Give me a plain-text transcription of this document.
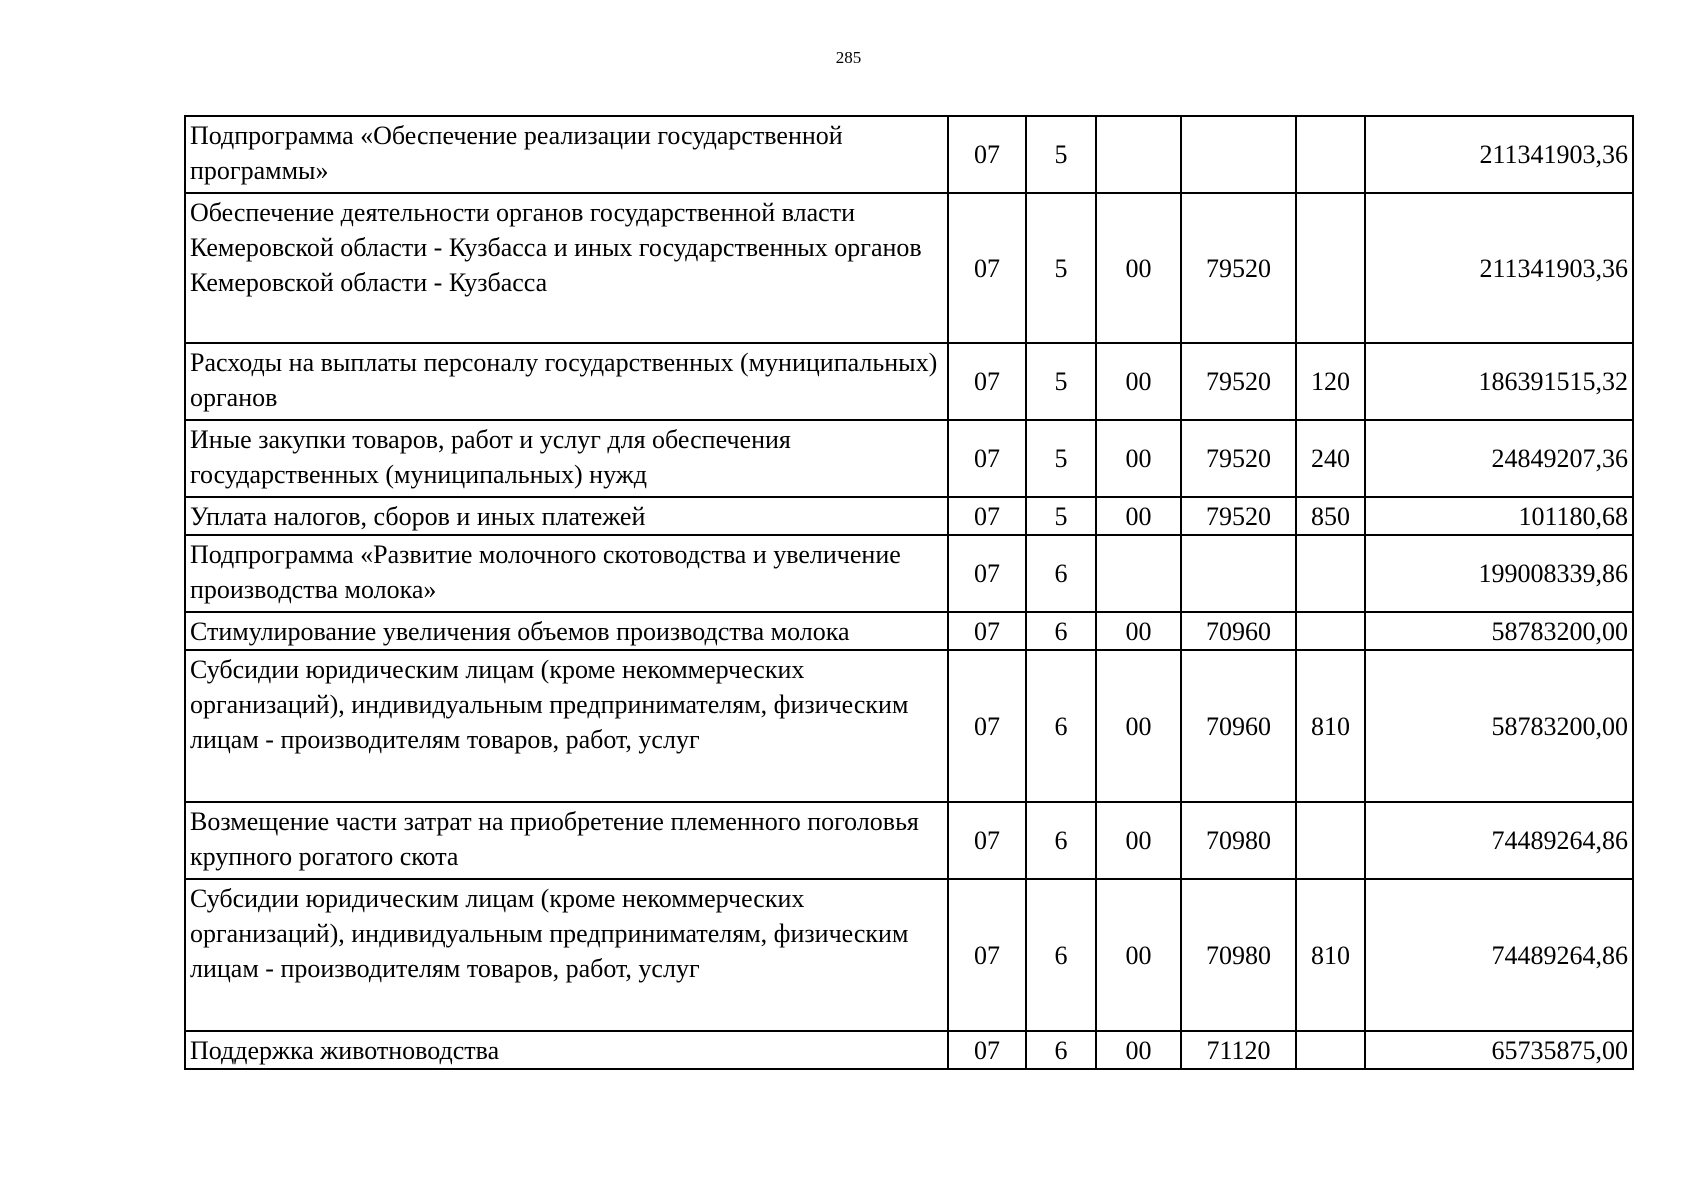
285
Подпрограмма «Обеспечение реализации государственной программы»	07	5				211341903,36
Обеспечение деятельности органов государственной власти Кемеровской области - Кузбасса и иных государственных органов Кемеровской области - Кузбасса	07	5	00	79520		211341903,36
Расходы на выплаты персоналу государственных (муниципальных) органов	07	5	00	79520	120	186391515,32
Иные закупки товаров, работ и услуг для обеспечения государственных (муниципальных) нужд	07	5	00	79520	240	24849207,36
Уплата налогов, сборов и иных платежей	07	5	00	79520	850	101180,68
Подпрограмма «Развитие молочного скотоводства и увеличение производства молока»	07	6				199008339,86
Стимулирование увеличения объемов производства молока	07	6	00	70960		58783200,00
Субсидии юридическим лицам (кроме некоммерческих организаций), индивидуальным предпринимателям, физическим лицам - производителям товаров, работ, услуг	07	6	00	70960	810	58783200,00
Возмещение части затрат на приобретение племенного поголовья крупного рогатого скота	07	6	00	70980		74489264,86
Субсидии юридическим лицам (кроме некоммерческих организаций), индивидуальным предпринимателям, физическим лицам - производителям товаров, работ, услуг	07	6	00	70980	810	74489264,86
Поддержка животноводства	07	6	00	71120		65735875,00
